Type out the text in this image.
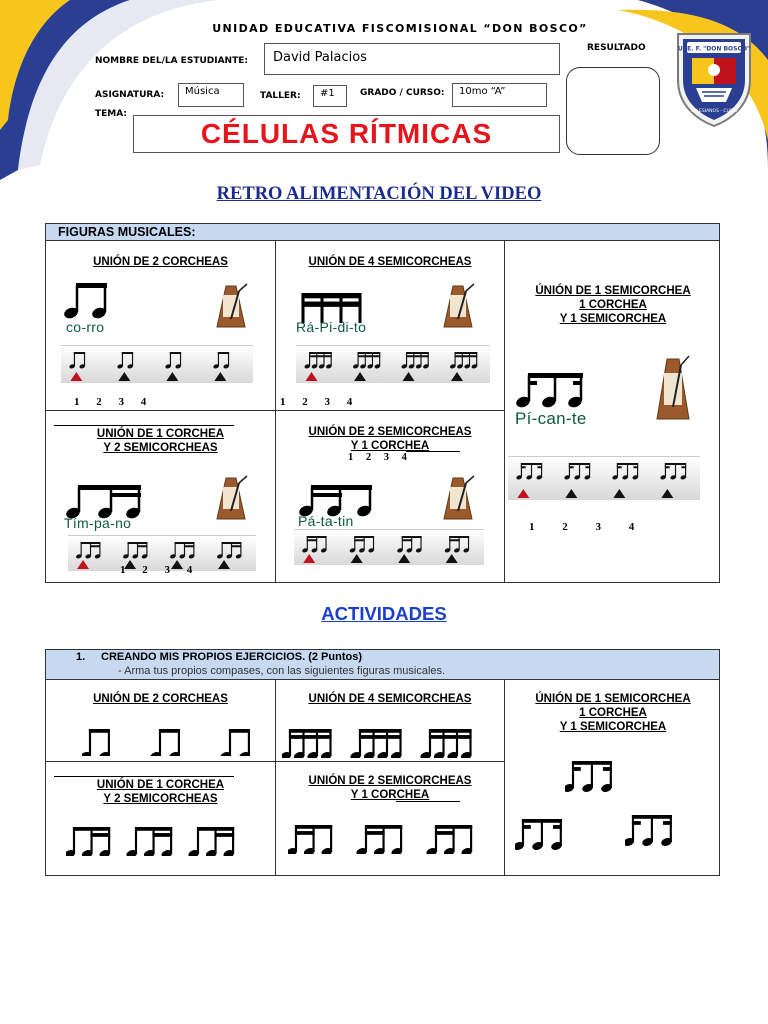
UNIDAD EDUCATIVA FISCOMISIONAL “DON BOSCO”
NOMBRE DEL/LA ESTUDIANTE:	David Palacios
RESULTADO
ASIGNATURA:	Música	TALLER:	#1	GRADO / CURSO:	10mo “A”
TEMA:
CÉLULAS RÍTMICAS
U. E. F. "DON BOSCO"
SALESIANOS - CUITO
RETRO ALIMENTACIÓN DEL VIDEO
FIGURAS MUSICALES:
UNIÓN DE 2 CORCHEAS
co-rro
1 2 3 4
UNIÓN DE 4 SEMICORCHEAS
Rá-Pi-di-to
1 2 3 4
ÚNIÓN DE 1 SEMICORCHEA
1 CORCHEA
Y 1 SEMICORCHEA
Pí-can-te
1 2 3 4
UNIÓN DE 1 CORCHEA
Y 2 SEMICORCHEAS
Tím-pa-no
1 2 3 4
UNIÓN DE 2 SEMICORCHEAS
Y 1 CORCHEA
1 2 3 4
Pá-ta-tin
ACTIVIDADES
1. CREANDO MIS PROPIOS EJERCICIOS. (2 Puntos)
- Arma tus propios compases, con las siguientes figuras musicales.
UNIÓN DE 2 CORCHEAS	UNIÓN DE 4 SEMICORCHEAS	ÚNIÓN DE 1 SEMICORCHEA
1 CORCHEA
Y 1 SEMICORCHEA
UNIÓN DE 1 CORCHEA
Y 2 SEMICORCHEAS
UNIÓN DE 2 SEMICORCHEAS
Y 1 CORCHEA
